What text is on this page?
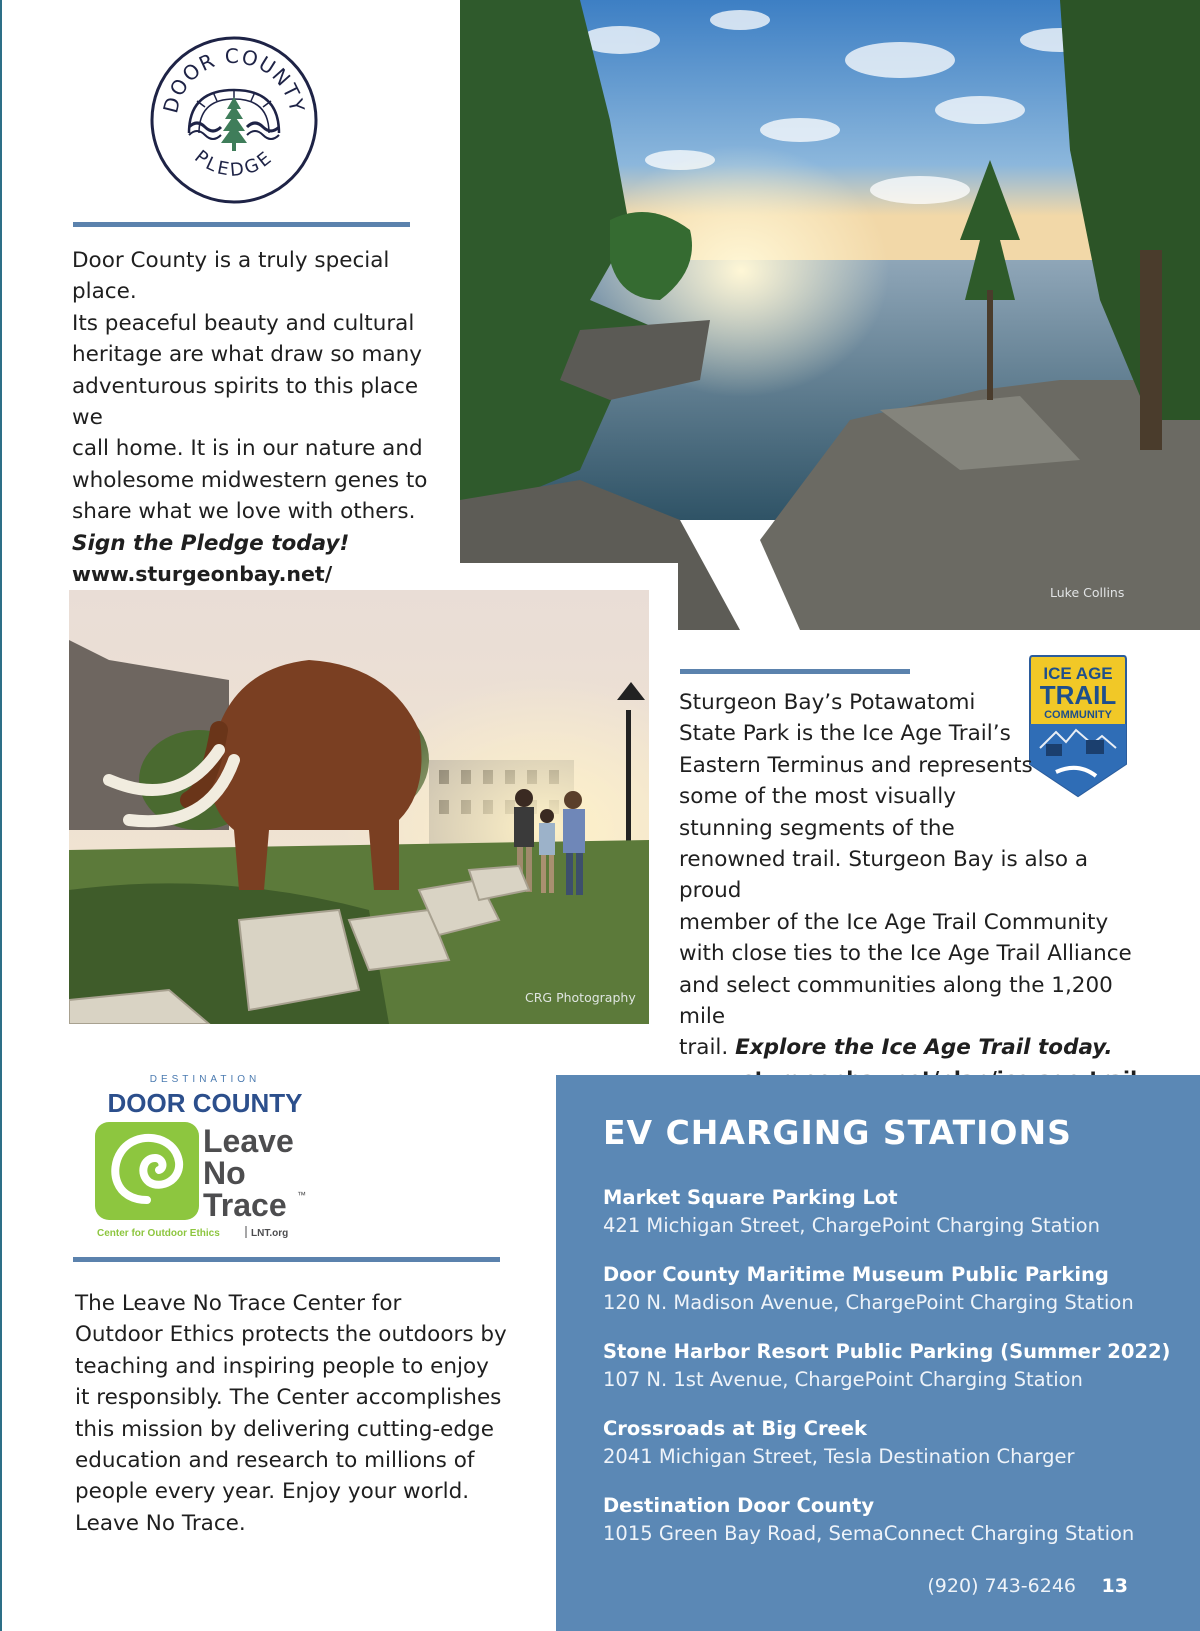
DOOR COUNTY
PLEDGE
Door County is a truly special place.
Its peaceful beauty and cultural
heritage are what draw so many
adventurous spirits to this place we
call home. It is in our nature and
wholesome midwestern genes to
share what we love with others.
Sign the Pledge today!
www.sturgeonbay.net/
Luke Collins
CRG Photography
ICE AGE
TRAIL
COMMUNITY
Sturgeon Bay’s Potawatomi
State Park is the Ice Age Trail’s
Eastern Terminus and represents
some of the most visually
stunning segments of the
renowned trail. Sturgeon Bay is also a proud
member of the Ice Age Trail Community
with close ties to the Ice Age Trail Alliance
and select communities along the 1,200 mile
trail. Explore the Ice Age Trail today.
DESTINATION
DOOR COUNTY
Leave
No
Trace ™
Center for Outdoor Ethics	LNT.org
The Leave No Trace Center for
Outdoor Ethics protects the outdoors by
teaching and inspiring people to enjoy
it responsibly. The Center accomplishes
this mission by delivering cutting-edge
education and research to millions of
people every year. Enjoy your world.
Leave No Trace.
EV CHARGING STATIONS
Market Square Parking Lot
421 Michigan Street, ChargePoint Charging Station
Door County Maritime Museum Public Parking
120 N. Madison Avenue, ChargePoint Charging Station
Stone Harbor Resort Public Parking (Summer 2022)
107 N. 1st Avenue, ChargePoint Charging Station
Crossroads at Big Creek
2041 Michigan Street, Tesla Destination Charger
Destination Door County
1015 Green Bay Road, SemaConnect Charging Station
(920) 743-6246 13
